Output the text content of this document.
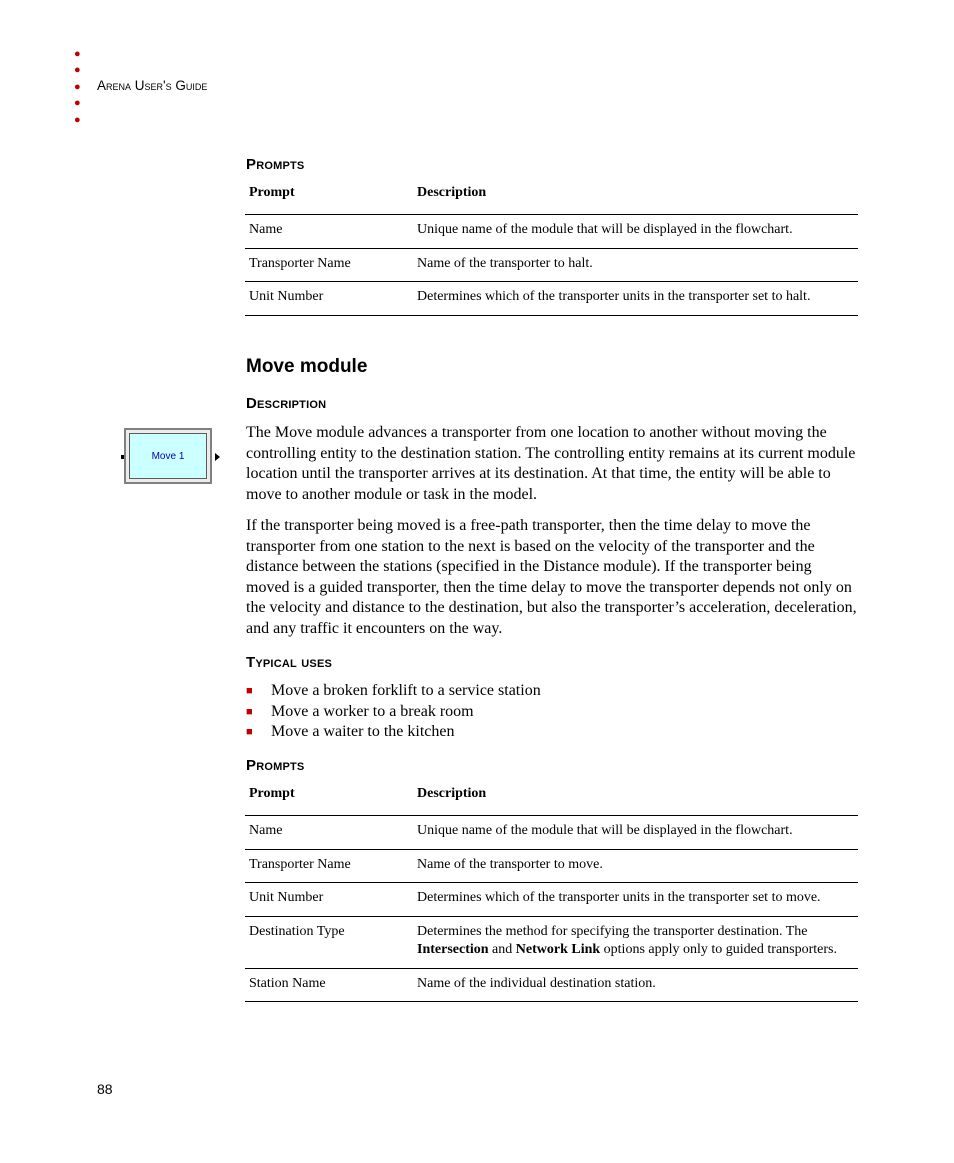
●
●
● Arena User's Guide
●
●
Prompts
Prompt	Description
Name	Unique name of the module that will be displayed in the flowchart.
Transporter Name	Name of the transporter to halt.
Unit Number	Determines which of the transporter units in the transporter set to halt.
Move module
Description
Move 1

The Move module advances a transporter from one location to another without moving the controlling entity to the destination station. The controlling entity remains at its current module location until the transporter arrives at its destination. At that time, the entity will be able to move to another module or task in the model.

If the transporter being moved is a free-path transporter, then the time delay to move the transporter from one station to the next is based on the velocity of the transporter and the distance between the stations (specified in the Distance module). If the transporter being moved is a guided transporter, then the time delay to move the transporter depends not only on the velocity and distance to the destination, but also the transporter’s acceleration, deceleration, and any traffic it encounters on the way.

Typical uses
■	Move a broken forklift to a service station
■	Move a worker to a break room
■	Move a waiter to the kitchen
Prompts
Prompt	Description
Name	Unique name of the module that will be displayed in the flowchart.
Transporter Name	Name of the transporter to move.
Unit Number	Determines which of the transporter units in the transporter set to move.
Destination Type	Determines the method for specifying the transporter destination. The Intersection and Network Link options apply only to guided transporters.
Station Name	Name of the individual destination station.
88
